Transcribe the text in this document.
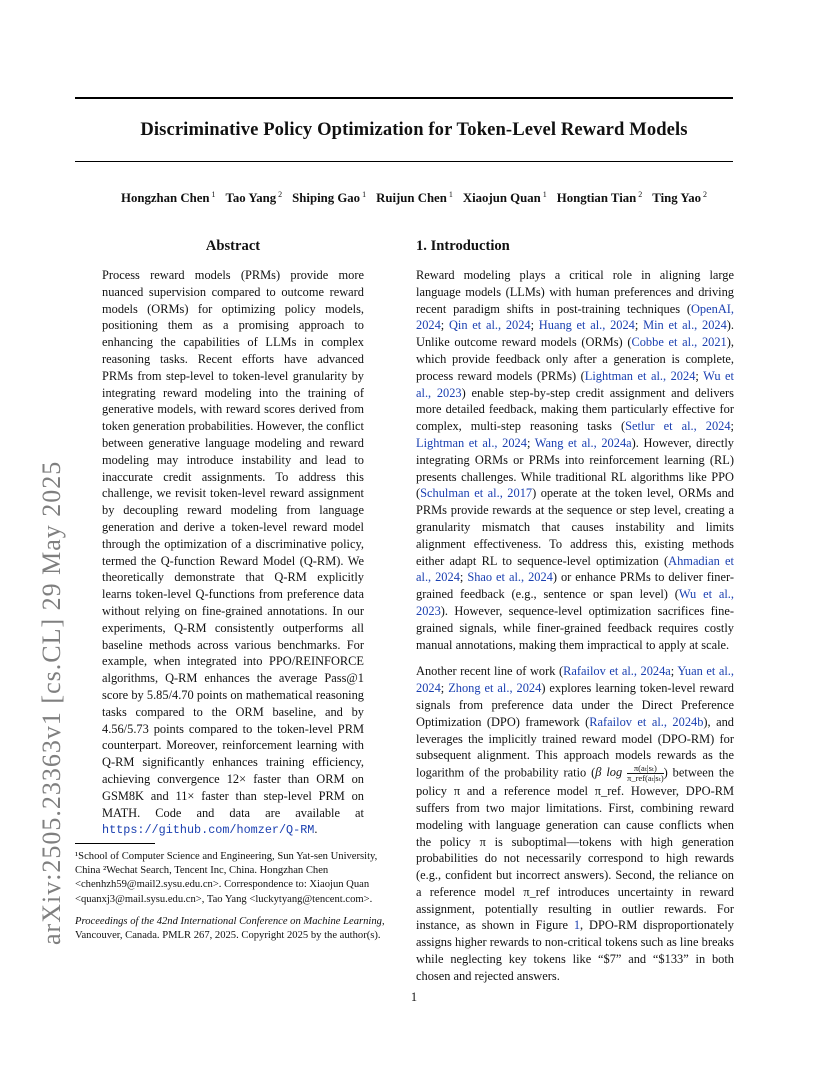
Discriminative Policy Optimization for Token-Level Reward Models
Hongzhan Chen $^1$ Tao Yang $^2$ Shiping Gao $^1$ Ruijun Chen $^1$ Xiaojun Quan $^1$ Hongtian Tian $^2$ Ting Yao $^2$
arXiv:2505.23363v1 [cs.CL] 29 May 2025
Abstract

Process reward models (PRMs) provide more nuanced supervision compared to outcome reward models (ORMs) for optimizing policy models, positioning them as a promising approach to enhancing the capabilities of LLMs in complex reasoning tasks. Recent efforts have advanced PRMs from step-level to token-level granularity by integrating reward modeling into the training of generative models, with reward scores derived from token generation probabilities. However, the conflict between generative language modeling and reward modeling may introduce instability and lead to inaccurate credit assignments. To address this challenge, we revisit token-level reward assignment by decoupling reward modeling from language generation and derive a token-level reward model through the optimization of a discriminative policy, termed the Q-function Reward Model (Q-RM). We theoretically demonstrate that Q-RM explicitly learns token-level Q-functions from preference data without relying on fine-grained annotations. In our experiments, Q-RM consistently outperforms all baseline methods across various benchmarks. For example, when integrated into PPO/REINFORCE algorithms, Q-RM enhances the average Pass@1 score by 5.85/4.70 points on mathematical reasoning tasks compared to the ORM baseline, and by 4.56/5.73 points compared to the token-level PRM counterpart. Moreover, reinforcement learning with Q-RM significantly enhances training efficiency, achieving convergence 12× faster than ORM on GSM8K and 11× faster than step-level PRM on MATH. Code and data are available at https://github.com/homzer/Q-RM.

¹School of Computer Science and Engineering, Sun Yat-sen University, China ²Wechat Search, Tencent Inc, China. Hongzhan Chen <chenhzh59@mail2.sysu.edu.cn>. Correspondence to: Xiaojun Quan <quanxj3@mail.sysu.edu.cn>, Tao Yang <luckytyang@tencent.com>.
Proceedings of the 42nd International Conference on Machine Learning, Vancouver, Canada. PMLR 267, 2025. Copyright 2025 by the author(s).
1. Introduction

Reward modeling plays a critical role in aligning large language models (LLMs) with human preferences and driving recent paradigm shifts in post-training techniques (OpenAI, 2024; Qin et al., 2024; Huang et al., 2024; Min et al., 2024). Unlike outcome reward models (ORMs) (Cobbe et al., 2021), which provide feedback only after a generation is complete, process reward models (PRMs) (Lightman et al., 2024; Wu et al., 2023) enable step-by-step credit assignment and delivers more detailed feedback, making them particularly effective for complex, multi-step reasoning tasks (Setlur et al., 2024; Lightman et al., 2024; Wang et al., 2024a). However, directly integrating ORMs or PRMs into reinforcement learning (RL) presents challenges. While traditional RL algorithms like PPO (Schulman et al., 2017) operate at the token level, ORMs and PRMs provide rewards at the sequence or step level, creating a granularity mismatch that causes instability and limits alignment effectiveness. To address this, existing methods either adapt RL to sequence-level optimization (Ahmadian et al., 2024; Shao et al., 2024) or enhance PRMs to deliver finer-grained feedback (e.g., sentence or span level) (Wu et al., 2023). However, sequence-level optimization sacrifices fine-grained signals, while finer-grained feedback requires costly manual annotations, making them impractical to apply at scale.

Another recent line of work (Rafailov et al., 2024a; Yuan et al., 2024; Zhong et al., 2024) explores learning token-level reward signals from preference data under the Direct Preference Optimization (DPO) framework (Rafailov et al., 2024b), and leverages the implicitly trained reward model (DPO-RM) for subsequent alignment. This approach models rewards as the logarithm of the probability ratio (β $\log \frac{\text{π(aₜ|sₜ)}}{\text{π\_ref(aₜ|sₜ)}}$ ) between the policy π and a reference model π_ref. However, DPO-RM suffers from two major limitations. First, combining reward modeling with language generation can cause conflicts when the policy π is suboptimal—tokens with high generation probabilities do not necessarily correspond to high rewards (e.g., confident but incorrect answers). Second, the reliance on a reference model π_ref introduces uncertainty in reward assignment, potentially resulting in outlier rewards. For instance, as shown in Figure 1, DPO-RM disproportionately assigns higher rewards to non-critical tokens such as line breaks while neglecting key tokens like “$7” and “$133” in both chosen and rejected answers.

1
